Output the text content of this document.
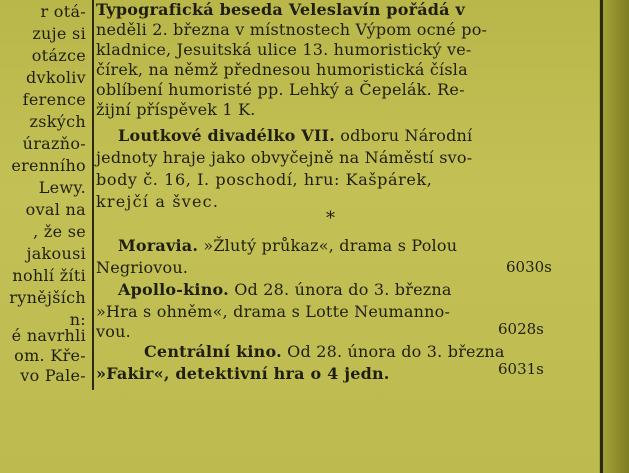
r otá-
zuje si
otázce
dvkoliv
ference
zských
úrazňo-
erenního
Lewy.
oval na
, že se
jakousi
nohlí žíti
rynějších
n:
é navrhli
om. Kře-
vo Pale-
Typografická beseda Veleslavín pořádá v
neděli 2. března v místnostech Výpom ocné po-
kladnice, Jesuitská ulice 13. humoristický ve-
čírek, na němž přednesou humoristická čísla
oblíbení humoristé pp. Lehký a Čepelák. Re-
žijní příspěvek 1 K.
Loutkové divadélko VII. odboru Národní
jednoty hraje jako obvyčejně na Náměstí svo-
body č. 16, I. poschodí, hru: Kašpárek,
krejčí a švec.
*
Moravia. »Žlutý průkaz«, drama s Polou
Negriovou.	6030s
Apollo-kino. Od 28. února do 3. března
»Hra s ohněm«, drama s Lotte Neumanno-
vou.	6028s
Centrální kino. Od 28. února do 3. března
»Fakir«, detektivní hra o 4 jedn.	6031s
